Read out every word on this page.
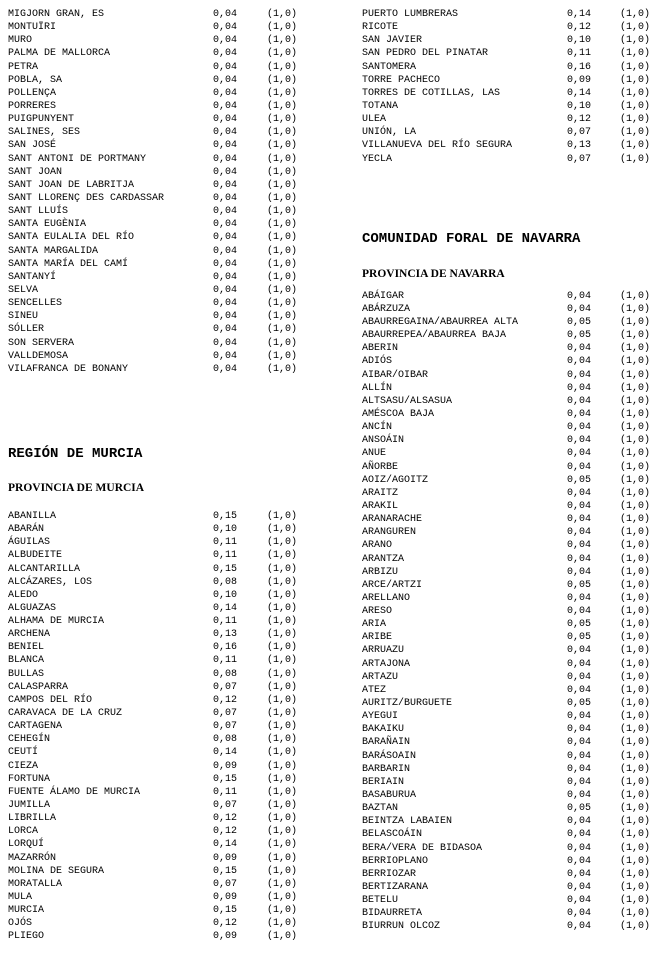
MIGJORN GRAN, ES	0,04	(1,0)
MONTUÏRI	0,04	(1,0)
MURO	0,04	(1,0)
PALMA DE MALLORCA	0,04	(1,0)
PETRA	0,04	(1,0)
POBLA, SA	0,04	(1,0)
POLLENÇA	0,04	(1,0)
PORRERES	0,04	(1,0)
PUIGPUNYENT	0,04	(1,0)
SALINES, SES	0,04	(1,0)
SAN JOSÉ	0,04	(1,0)
SANT ANTONI DE PORTMANY	0,04	(1,0)
SANT JOAN	0,04	(1,0)
SANT JOAN DE LABRITJA	0,04	(1,0)
SANT LLORENÇ DES CARDASSAR	0,04	(1,0)
SANT LLUÍS	0,04	(1,0)
SANTA EUGÈNIA	0,04	(1,0)
SANTA EULALIA DEL RÍO	0,04	(1,0)
SANTA MARGALIDA	0,04	(1,0)
SANTA MARÍA DEL CAMÍ	0,04	(1,0)
SANTANYÍ	0,04	(1,0)
SELVA	0,04	(1,0)
SENCELLES	0,04	(1,0)
SINEU	0,04	(1,0)
SÓLLER	0,04	(1,0)
SON SERVERA	0,04	(1,0)
VALLDEMOSA	0,04	(1,0)
VILAFRANCA DE BONANY	0,04	(1,0)
REGIÓN DE MURCIA
PROVINCIA DE MURCIA
ABANILLA	0,15	(1,0)
ABARÁN	0,10	(1,0)
ÁGUILAS	0,11	(1,0)
ALBUDEITE	0,11	(1,0)
ALCANTARILLA	0,15	(1,0)
ALCÁZARES, LOS	0,08	(1,0)
ALEDO	0,10	(1,0)
ALGUAZAS	0,14	(1,0)
ALHAMA DE MURCIA	0,11	(1,0)
ARCHENA	0,13	(1,0)
BENIEL	0,16	(1,0)
BLANCA	0,11	(1,0)
BULLAS	0,08	(1,0)
CALASPARRA	0,07	(1,0)
CAMPOS DEL RÍO	0,12	(1,0)
CARAVACA DE LA CRUZ	0,07	(1,0)
CARTAGENA	0,07	(1,0)
CEHEGÍN	0,08	(1,0)
CEUTÍ	0,14	(1,0)
CIEZA	0,09	(1,0)
FORTUNA	0,15	(1,0)
FUENTE ÁLAMO DE MURCIA	0,11	(1,0)
JUMILLA	0,07	(1,0)
LIBRILLA	0,12	(1,0)
LORCA	0,12	(1,0)
LORQUÍ	0,14	(1,0)
MAZARRÓN	0,09	(1,0)
MOLINA DE SEGURA	0,15	(1,0)
MORATALLA	0,07	(1,0)
MULA	0,09	(1,0)
MURCIA	0,15	(1,0)
OJÓS	0,12	(1,0)
PLIEGO	0,09	(1,0)
PUERTO LUMBRERAS	0,14	(1,0)
RICOTE	0,12	(1,0)
SAN JAVIER	0,10	(1,0)
SAN PEDRO DEL PINATAR	0,11	(1,0)
SANTOMERA	0,16	(1,0)
TORRE PACHECO	0,09	(1,0)
TORRES DE COTILLAS, LAS	0,14	(1,0)
TOTANA	0,10	(1,0)
ULEA	0,12	(1,0)
UNIÓN, LA	0,07	(1,0)
VILLANUEVA DEL RÍO SEGURA	0,13	(1,0)
YECLA	0,07	(1,0)
COMUNIDAD FORAL DE NAVARRA
PROVINCIA DE NAVARRA
ABÁIGAR	0,04	(1,0)
ABÁRZUZA	0,04	(1,0)
ABAURREGAINA/ABAURREA ALTA	0,05	(1,0)
ABAURREPEA/ABAURREA BAJA	0,05	(1,0)
ABERIN	0,04	(1,0)
ADIÓS	0,04	(1,0)
AIBAR/OIBAR	0,04	(1,0)
ALLÍN	0,04	(1,0)
ALTSASU/ALSASUA	0,04	(1,0)
AMÉSCOA BAJA	0,04	(1,0)
ANCÍN	0,04	(1,0)
ANSOÁIN	0,04	(1,0)
ANUE	0,04	(1,0)
AÑORBE	0,04	(1,0)
AOIZ/AGOITZ	0,05	(1,0)
ARAITZ	0,04	(1,0)
ARAKIL	0,04	(1,0)
ARANARACHE	0,04	(1,0)
ARANGUREN	0,04	(1,0)
ARANO	0,04	(1,0)
ARANTZA	0,04	(1,0)
ARBIZU	0,04	(1,0)
ARCE/ARTZI	0,05	(1,0)
ARELLANO	0,04	(1,0)
ARESO	0,04	(1,0)
ARIA	0,05	(1,0)
ARIBE	0,05	(1,0)
ARRUAZU	0,04	(1,0)
ARTAJONA	0,04	(1,0)
ARTAZU	0,04	(1,0)
ATEZ	0,04	(1,0)
AURITZ/BURGUETE	0,05	(1,0)
AYEGUI	0,04	(1,0)
BAKAIKU	0,04	(1,0)
BARAÑAIN	0,04	(1,0)
BARÁSOAIN	0,04	(1,0)
BARBARIN	0,04	(1,0)
BERIAIN	0,04	(1,0)
BASABURUA	0,04	(1,0)
BAZTAN	0,05	(1,0)
BEINTZA LABAIEN	0,04	(1,0)
BELASCOÁIN	0,04	(1,0)
BERA/VERA DE BIDASOA	0,04	(1,0)
BERRIOPLANO	0,04	(1,0)
BERRIOZAR	0,04	(1,0)
BERTIZARANA	0,04	(1,0)
BETELU	0,04	(1,0)
BIDAURRETA	0,04	(1,0)
BIURRUN OLCOZ	0,04	(1,0)
